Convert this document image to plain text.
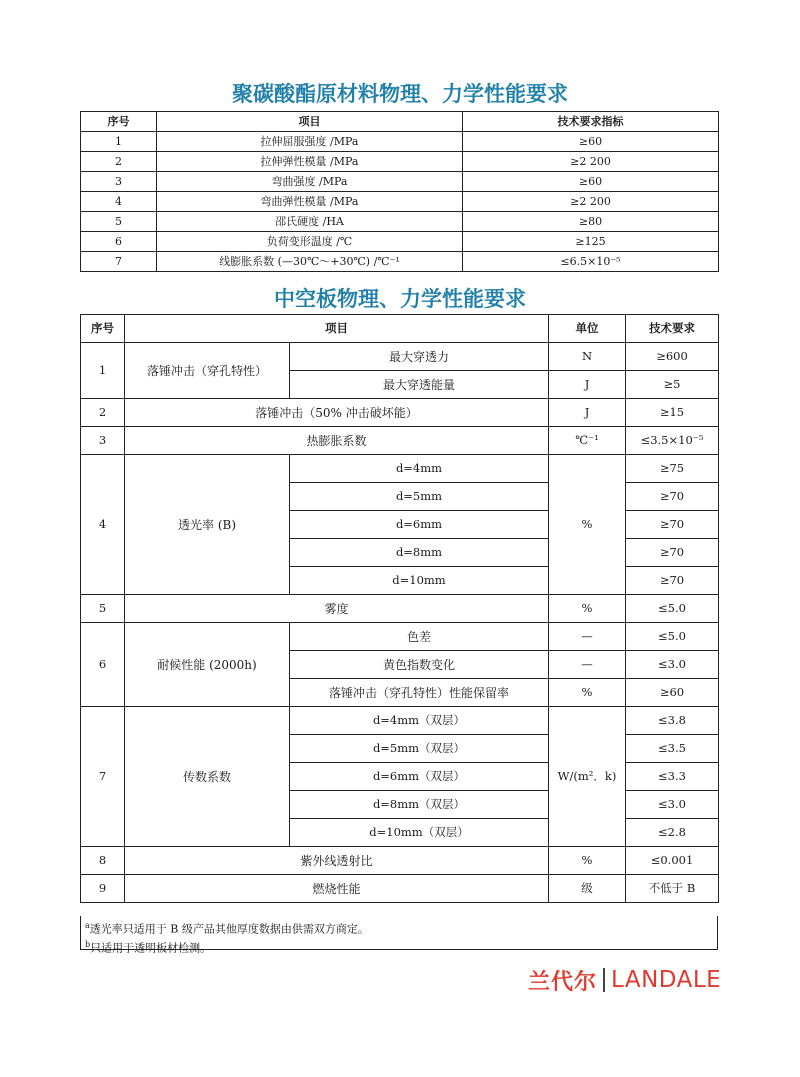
聚碳酸酯原材料物理、力学性能要求
序号	项目	技术要求指标
1	拉伸屈服强度 /MPa	≥60
2	拉伸弹性模量 /MPa	≥2 200
3	弯曲强度 /MPa	≥60
4	弯曲弹性模量 /MPa	≥2 200
5	邵氏硬度 /HA	≥80
6	负荷变形温度 /℃	≥125
7	线膨胀系数 (—30℃～+30℃) /℃⁻¹	≤6.5×10⁻⁵
中空板物理、力学性能要求
序号	项目		单位	技术要求
1	落锤冲击（穿孔特性）	最大穿透力	N	≥600
		最大穿透能量	J	≥5
2	落锤冲击（50% 冲击破坏能）		J	≥15
3	热膨胀系数		℃⁻¹	≤3.5×10⁻⁵
4	透光率 (B)	d=4mm	%	≥75
		d=5mm		≥70
		d=6mm		≥70
		d=8mm		≥70
		d=10mm		≥70
5	雾度		%	≤5.0
6	耐候性能 (2000h)	色差	—	≤5.0
		黄色指数变化	—	≤3.0
		落锤冲击（穿孔特性）性能保留率	%	≥60
7	传数系数	d=4mm（双层）	W/(m²．k)	≤3.8
		d=5mm（双层）		≤3.5
		d=6mm（双层）		≤3.3
		d=8mm（双层）		≤3.0
		d=10mm（双层）		≤2.8
8	紫外线透射比		%	≤0.001
9	燃烧性能		级	不低于 B
$^a$透光率只适用于 B 级产品其他厚度数据由供需双方商定。
$^b$只适用于透明板材检测。
兰代尔 LANDALE
